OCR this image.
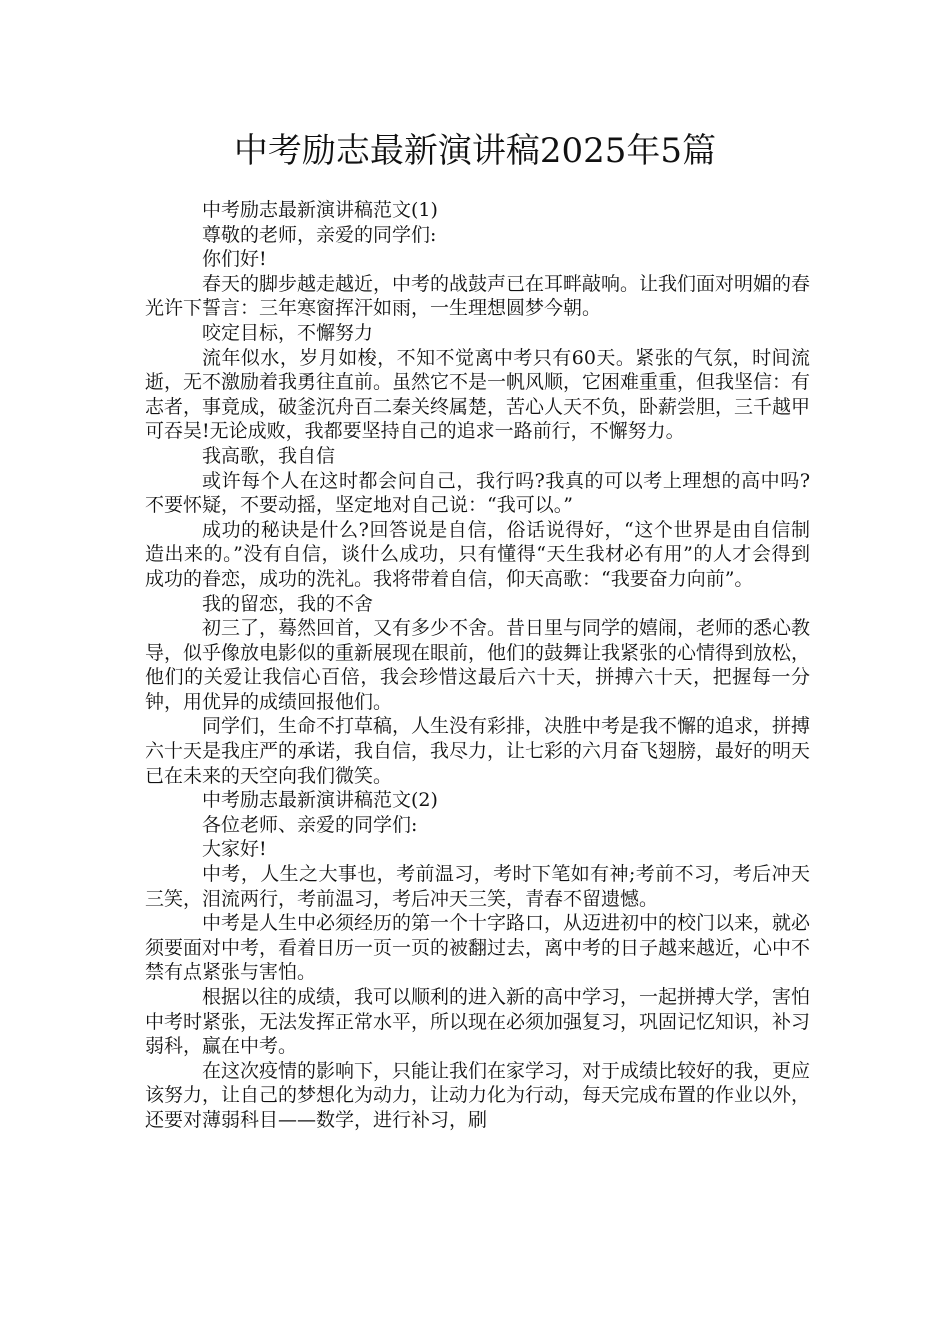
中考励志最新演讲稿2025年5篇

中考励志最新演讲稿范文(1)

尊敬的老师，亲爱的同学们:

你们好!

春天的脚步越走越近，中考的战鼓声已在耳畔敲响。让我们面对明媚的春光许下誓言：三年寒窗挥汗如雨，一生理想圆梦今朝。

咬定目标，不懈努力

流年似水，岁月如梭，不知不觉离中考只有60天。紧张的气氛，时间流逝，无不激励着我勇往直前。虽然它不是一帆风顺，它困难重重，但我坚信：有志者，事竟成，破釜沉舟百二秦关终属楚，苦心人天不负，卧薪尝胆，三千越甲可吞吴!无论成败，我都要坚持自己的追求一路前行，不懈努力。

我高歌，我自信

或许每个人在这时都会问自己，我行吗?我真的可以考上理想的高中吗?不要怀疑，不要动摇，坚定地对自己说：“我可以。”

成功的秘诀是什么?回答说是自信，俗话说得好，“这个世界是由自信制造出来的。”没有自信，谈什么成功，只有懂得“天生我材必有用”的人才会得到成功的眷恋，成功的洗礼。我将带着自信，仰天高歌：“我要奋力向前”。

我的留恋，我的不舍

初三了，蓦然回首，又有多少不舍。昔日里与同学的嬉闹，老师的悉心教导，似乎像放电影似的重新展现在眼前，他们的鼓舞让我紧张的心情得到放松，他们的关爱让我信心百倍，我会珍惜这最后六十天，拼搏六十天，把握每一分钟，用优异的成绩回报他们。

同学们，生命不打草稿，人生没有彩排，决胜中考是我不懈的追求，拼搏六十天是我庄严的承诺，我自信，我尽力，让七彩的六月奋飞翅膀，最好的明天已在未来的天空向我们微笑。

中考励志最新演讲稿范文(2)

各位老师、亲爱的同学们:

大家好!

中考，人生之大事也，考前温习，考时下笔如有神;考前不习，考后冲天三笑，泪流两行，考前温习，考后冲天三笑，青春不留遗憾。

中考是人生中必须经历的第一个十字路口，从迈进初中的校门以来，就必须要面对中考，看着日历一页一页的被翻过去，离中考的日子越来越近，心中不禁有点紧张与害怕。

根据以往的成绩，我可以顺利的进入新的高中学习，一起拼搏大学，害怕中考时紧张，无法发挥正常水平，所以现在必须加强复习，巩固记忆知识，补习弱科，赢在中考。

在这次疫情的影响下，只能让我们在家学习，对于成绩比较好的我，更应该努力，让自己的梦想化为动力，让动力化为行动，每天完成布置的作业以外，还要对薄弱科目——数学，进行补习，刷
